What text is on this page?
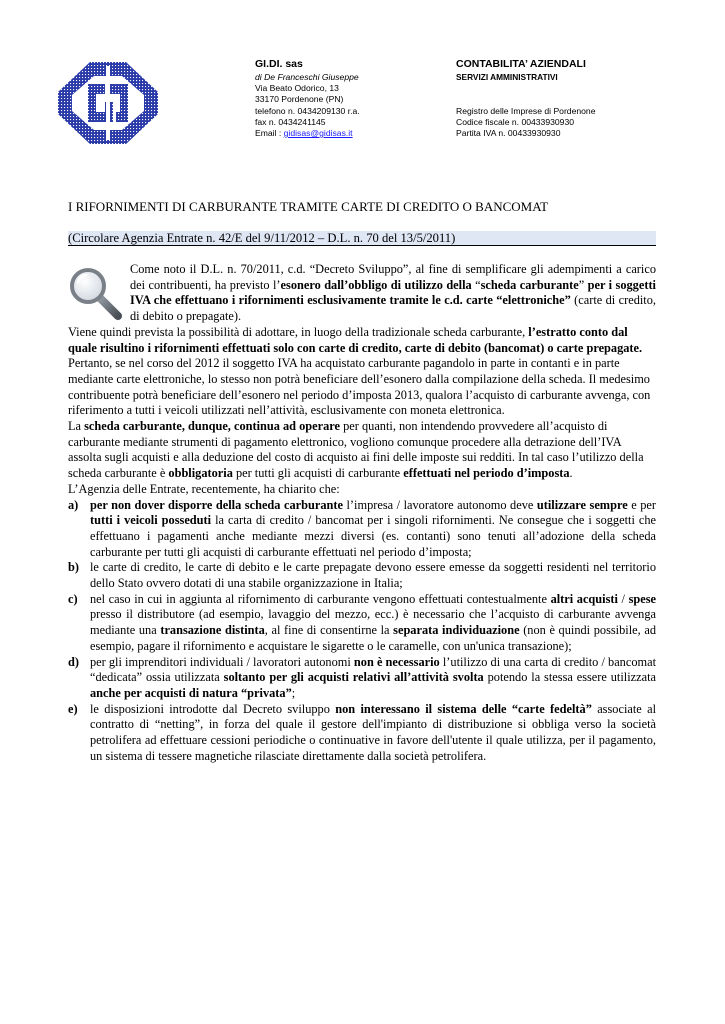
GI.DI. sas
di De Franceschi Giuseppe
Via Beato Odorico, 13
33170 Pordenone (PN)
telefono n. 0434209130 r.a.
fax n. 0434241145
Email : gidisas@gidisas.it
CONTABILITA’ AZIENDALI
SERVIZI AMMINISTRATIVI
Registro delle Imprese di Pordenone
Codice fiscale n. 00433930930
Partita IVA n. 00433930930
I RIFORNIMENTI DI CARBURANTE TRAMITE CARTE DI CREDITO O BANCOMAT
(Circolare Agenzia Entrate n. 42/E del 9/11/2012 – D.L. n. 70 del 13/5/2011)

Come noto il D.L. n. 70/2011, c.d. “Decreto Sviluppo”, al fine di semplificare gli adempimenti a carico dei contribuenti, ha previsto l’esonero dall’obbligo di utilizzo della “scheda carburante” per i soggetti IVA che effettuano i rifornimenti esclusivamente tramite le c.d. carte “elettroniche” (carte di credito, di debito o prepagate).

Viene quindi prevista la possibilità di adottare, in luogo della tradizionale scheda carburante, l’estratto conto dal quale risultino i rifornimenti effettuati solo con carte di credito, carte di debito (bancomat) o carte prepagate.

Pertanto, se nel corso del 2012 il soggetto IVA ha acquistato carburante pagandolo in parte in contanti e in parte mediante carte elettroniche, lo stesso non potrà beneficiare dell’esonero dalla compilazione della scheda. Il medesimo contribuente potrà beneficiare dell’esonero nel periodo d’imposta 2013, qualora l’acquisto di carburante avvenga, con riferimento a tutti i veicoli utilizzati nell’attività, esclusivamente con moneta elettronica.

La scheda carburante, dunque, continua ad operare per quanti, non intendendo provvedere all’acquisto di carburante mediante strumenti di pagamento elettronico, vogliono comunque procedere alla detrazione dell’IVA assolta sugli acquisti e alla deduzione del costo di acquisto ai fini delle imposte sui redditi. In tal caso l’utilizzo della scheda carburante è obbligatoria per tutti gli acquisti di carburante effettuati nel periodo d’imposta.

L’Agenzia delle Entrate, recentemente, ha chiarito che:

a) per non dover disporre della scheda carburante l’impresa / lavoratore autonomo deve utilizzare sempre e per tutti i veicoli posseduti la carta di credito / bancomat per i singoli rifornimenti. Ne consegue che i soggetti che effettuano i pagamenti anche mediante mezzi diversi (es. contanti) sono tenuti all’adozione della scheda carburante per tutti gli acquisti di carburante effettuati nel periodo d’imposta;
b) le carte di credito, le carte di debito e le carte prepagate devono essere emesse da soggetti residenti nel territorio dello Stato ovvero dotati di una stabile organizzazione in Italia;
c) nel caso in cui in aggiunta al rifornimento di carburante vengono effettuati contestualmente altri acquisti / spese presso il distributore (ad esempio, lavaggio del mezzo, ecc.) è necessario che l’acquisto di carburante avvenga mediante una transazione distinta, al fine di consentirne la separata individuazione (non è quindi possibile, ad esempio, pagare il rifornimento e acquistare le sigarette o le caramelle, con un'unica transazione);
d) per gli imprenditori individuali / lavoratori autonomi non è necessario l’utilizzo di una carta di credito / bancomat “dedicata” ossia utilizzata soltanto per gli acquisti relativi all’attività svolta potendo la stessa essere utilizzata anche per acquisti di natura “privata”;
e) le disposizioni introdotte dal Decreto sviluppo non interessano il sistema delle “carte fedeltà” associate al contratto di “netting”, in forza del quale il gestore dell'impianto di distribuzione si obbliga verso la società petrolifera ad effettuare cessioni periodiche o continuative in favore dell'utente il quale utilizza, per il pagamento, un sistema di tessere magnetiche rilasciate direttamente dalla società petrolifera.
